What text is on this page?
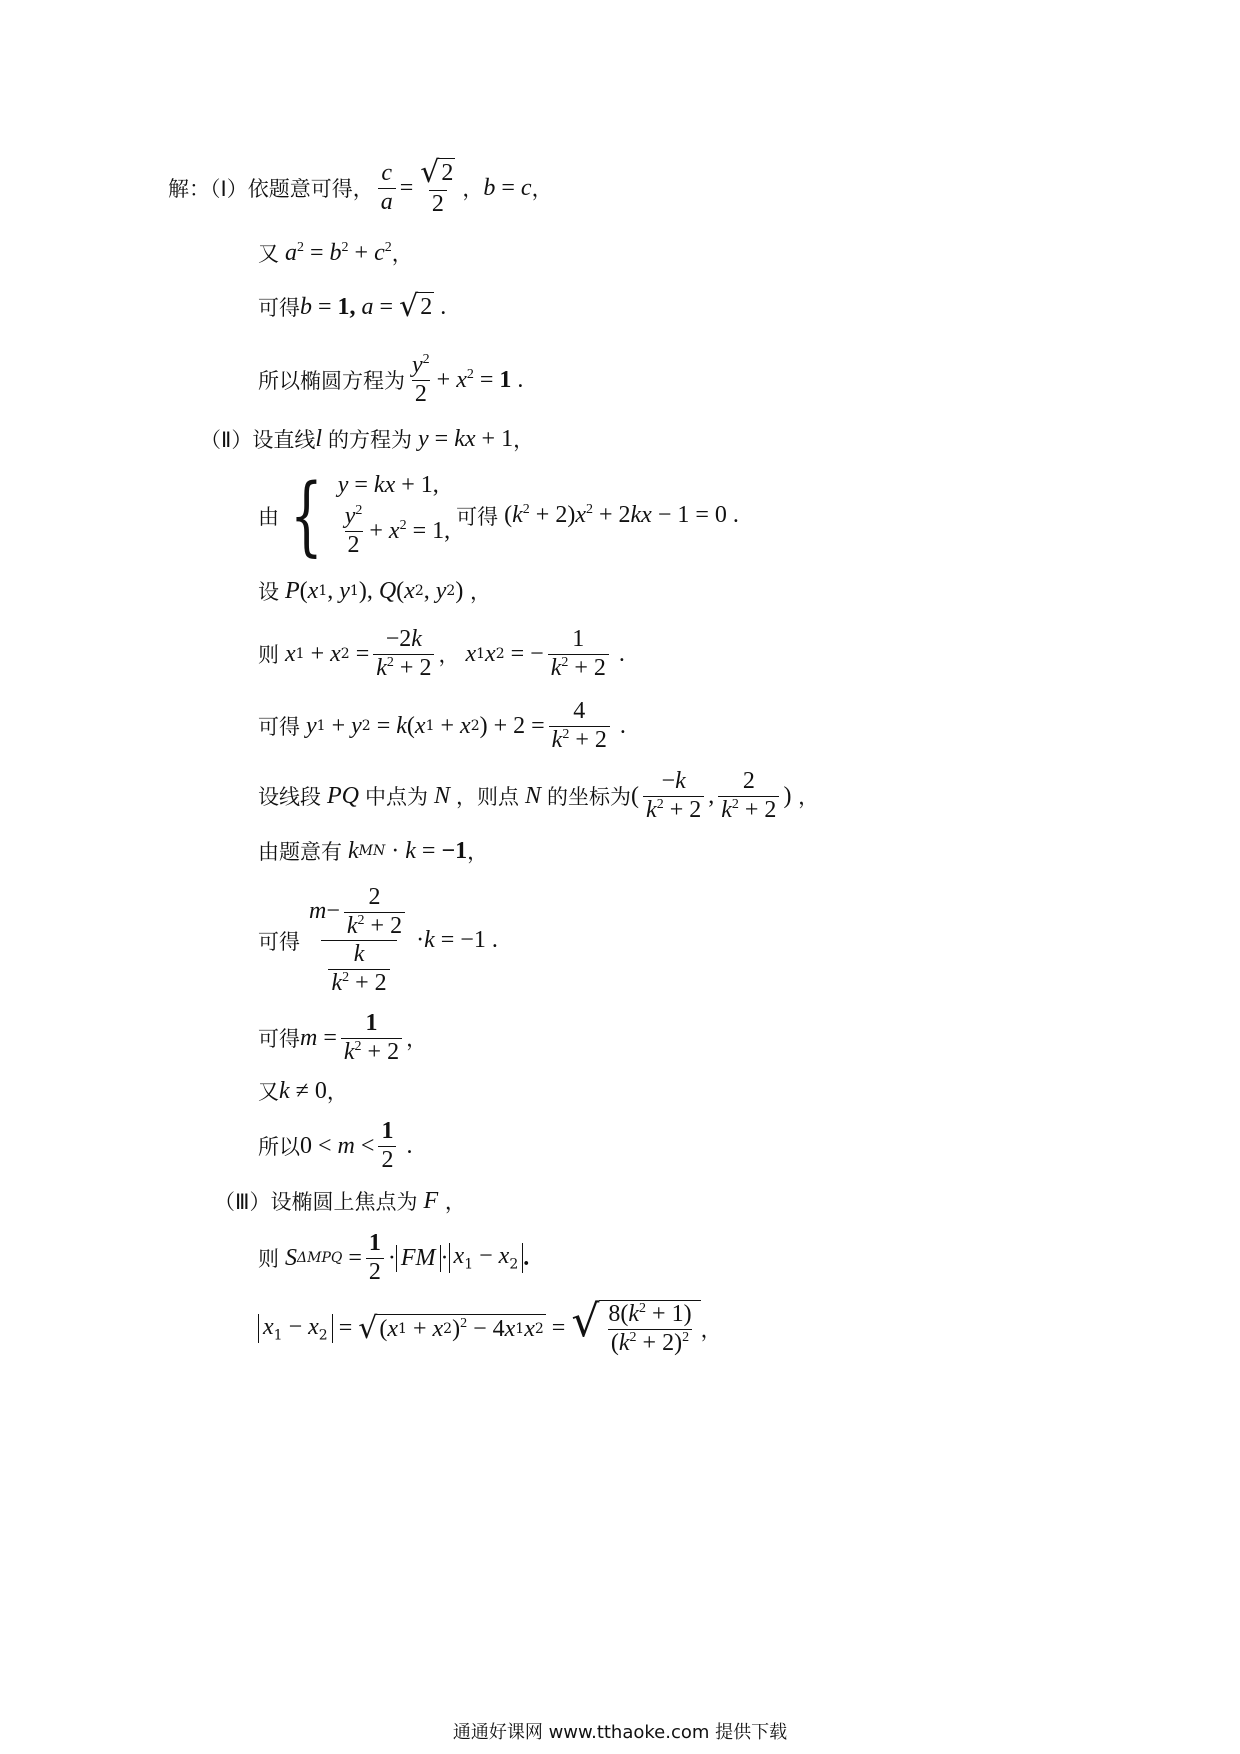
解：（Ⅰ）依题意可得， $\frac{c}{a} = \frac{√ 2}{2}$ ， b = c ，
又 $a^2 = b^2 + c^2$ ，
可得 b = 1, a = √ 2 .
所以椭圆方程为 $\frac{y^2}{2} + x^2 = 1$ .
（Ⅱ）设直线 l 的方程为 y = kx + 1 ，
由 { y = kx + 1,
$\frac{y^2}{2} + x^2 = 1$,
可得 ( $k^2 + 2$) $x^2 + 2$ kx − 1 = 0 .
设 P ( x 1 , y 1 ), Q ( x 2 , y 2 ) ，
则 x 1 + x $2 = \frac{-2k}{k^2 + 2}$ ， x 1 x 2 = − $\frac{1}{k^2 + 2}$ .
可得 y 1 + y 2 = k ( x 1 + x 2 ) + $2 = \frac{4}{k^2 + 2}$ .
设线段 PQ 中点为 N ，则点 N 的坐标为 ( $\frac{-k}{k^2 + 2}$ , $\frac{2}{k^2 + 2}$ ) ，
由题意有 k MN · k = −1 ，
可得 $\frac{m - \frac{2}{k^2 + 2}}{\frac{k}{k^2 + 2}} \cdot k = -1$ .
可得 $m = \frac{1}{k^2 + 2}$ ，
又 k ≠ 0 ，
所以 $0 < m < \frac{1}{2}$ .
（Ⅲ）设椭圆上焦点为 F ，
则 S $\Delta MPQ = \frac{1}{2}$ · FM · $x_1 - x_2$ .
$x_1 - x_2$ = √ ( x 1 + x 2 )$^2$ − 4 x 1 x 2 = √ $\frac{8(k^2 + 1)}{(k^2 + 2)^2}$ ，
通通好课网 www.tthaoke.com 提供下载
